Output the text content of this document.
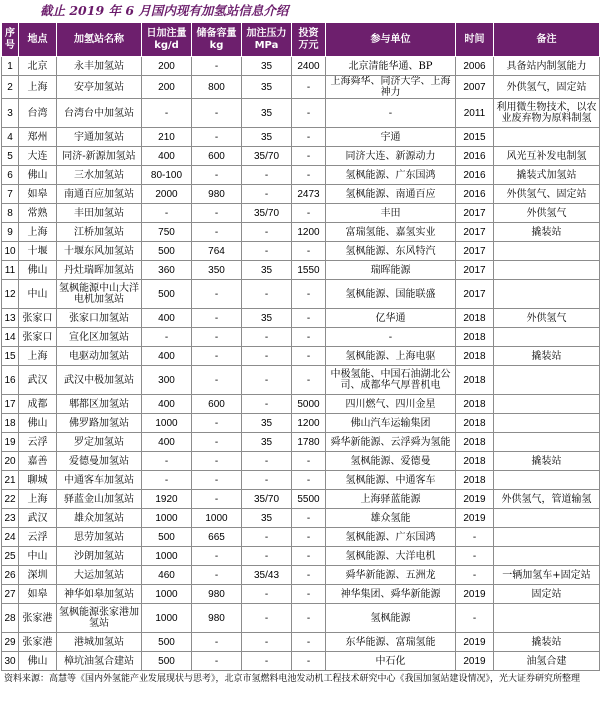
截止 2019 年 6 月国内现有加氢站信息介绍
序号	地点	加氢站名称	日加注量 kg/d	储备容量 kg	加注压力 MPa	投资 万元	参与单位	时间	备注
1	北京	永丰加氢站	200	-	35	2400	北京清能华通、BP	2006	具备站内制氢能力
2	上海	安亭加氢站	200	800	35	-	上海舜华、同济大学、上海神力	2007	外供氢气，固定站
3	台湾	台湾台中加氢站	-	-	35	-	-	2011	利用微生物技术，以农业废弃物为原料制氢
4	郑州	宇通加氢站	210	-	35	-	宇通	2015	
5	大连	同济-新源加氢站	400	600	35/70	-	同济大连、新源动力	2016	风光互补发电制氢
6	佛山	三水加氢站	80-100	-	-	-	氢枫能源、广东国鸿	2016	撬装式加氢站
7	如皋	南通百应加氢站	2000	980	-	2473	氢枫能源、南通百应	2016	外供氢气、固定站
8	常熟	丰田加氢站	-	-	35/70	-	丰田	2017	外供氢气
9	上海	江桥加氢站	750	-	-	1200	富瑞氢能、嘉氢实业	2017	撬装站
10	十堰	十堰东风加氢站	500	764	-	-	氢枫能源、东风特汽	2017	
11	佛山	丹灶瑞晖加氢站	360	350	35	1550	瑞晖能源	2017	
12	中山	氢枫能源中山大洋电机加氢站	500	-	-	-	氢枫能源、国能联盛	2017	
13	张家口	张家口加氢站	400	-	35	-	亿华通	2018	外供氢气
14	张家口	宣化区加氢站	-	-	-	-	-	2018	
15	上海	电驱动加氢站	400	-	-	-	氢枫能源、上海电驱	2018	撬装站
16	武汉	武汉中极加氢站	300	-	-	-	中极氢能、中国石油湖北公司、成都华气厚普机电	2018	
17	成都	郫都区加氢站	400	600	-	5000	四川燃气、四川金星	2018	
18	佛山	佛罗路加氢站	1000	-	35	1200	佛山汽车运输集团	2018	
19	云浮	罗定加氢站	400	-	35	1780	舜华新能源、云浮舜为氢能	2018	
20	嘉善	爱德曼加氢站	-	-	-	-	氢枫能源、爱德曼	2018	撬装站
21	聊城	中通客车加氢站	-	-	-	-	氢枫能源、中通客车	2018	
22	上海	驿蓝金山加氢站	1920	-	35/70	5500	上海驿蓝能源	2019	外供氢气，管道输氢
23	武汉	雄众加氢站	1000	1000	35	-	雄众氢能	2019	
24	云浮	思劳加氢站	500	665	-	-	氢枫能源、广东国鸿	-	
25	中山	沙朗加氢站	1000	-	-	-	氢枫能源、大洋电机	-	
26	深圳	大运加氢站	460	-	35/43	-	舜华新能源、五洲龙	-	一辆加氢车+固定站
27	如皋	神华如皋加氢站	1000	980	-	-	神华集团、舜华新能源	2019	固定站
28	张家港	氢枫能源张家港加氢站	1000	980	-	-	氢枫能源	-	
29	张家港	港城加氢站	500	-	-	-	东华能源、富瑞氢能	2019	撬装站
30	佛山	樟坑油氢合建站	500	-	-	-	中石化	2019	油氢合建
资料来源：高慧等《国内外氢能产业发展现状与思考》，北京市氢燃料电池发动机工程技术研究中心《我国加氢站建设情况》，光大证券研究所整理
